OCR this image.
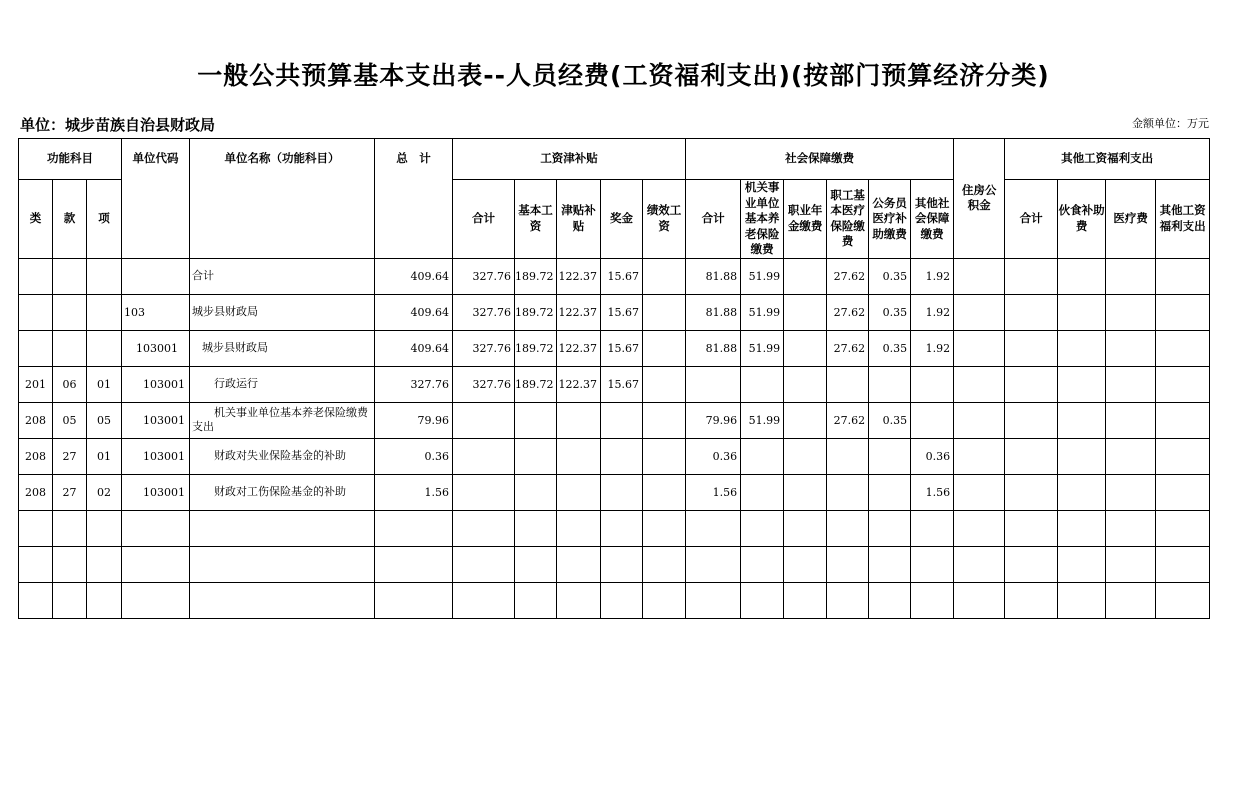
一般公共预算基本支出表--人员经费(工资福利支出)(按部门预算经济分类)
单位：城步苗族自治县财政局	金额单位：万元
功能科目			单位代码	单位名称（功能科目）	总　计	工资津补贴					社会保障缴费						住房公积金	其他工资福利支出			
类	款	项				合计	基本工资	津贴补贴	奖金	绩效工资	合计	机关事业单位基本养老保险缴费	职业年金缴费	职工基本医疗保险缴费	公务员医疗补助缴费	其他社会保障缴费		合计	伙食补助费	医疗费	其他工资福利支出
				合计	409.64	327.76	189.72	122.37	15.67		81.88	51.99		27.62	0.35	1.92					
			103	城步县财政局	409.64	327.76	189.72	122.37	15.67		81.88	51.99		27.62	0.35	1.92					
			103001	城步县财政局	409.64	327.76	189.72	122.37	15.67		81.88	51.99		27.62	0.35	1.92					
201	06	01	103001	行政运行	327.76	327.76	189.72	122.37	15.67												
208	05	05	103001	机关事业单位基本养老保险缴费支出	79.96						79.96	51.99		27.62	0.35						
208	27	01	103001	财政对失业保险基金的补助	0.36						0.36					0.36					
208	27	02	103001	财政对工伤保险基金的补助	1.56						1.56					1.56					
